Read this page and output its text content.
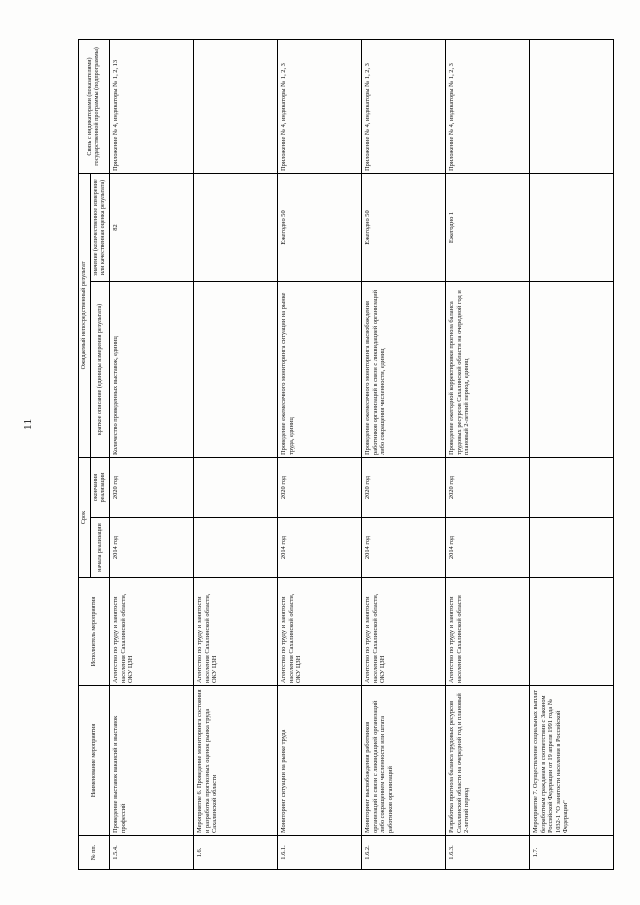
11
№ пп.	Наименование мероприятия	Исполнитель мероприятия	Срок		Ожидаемый непосредственный результат		Связь с индикаторами (показателями) государственной программы (подпрограммы)
			начала реализации	окончания реализации	краткое описание (единицы измерения результата)	значение (количественное измерение или качественная оценка результата)	
1.5.4.	Проведение выставок вакансий и выставок профессий	Агентство по труду и занятости населения Сахалинской области, ОКУ ЦЗН	2014 год	2020 год	Количество проведенных выставок, единиц	82	Приложение № 4, индикаторы № 1, 2, 13
1.6.	Мероприятие 6. Проведение мониторинга состояния и разработка прогнозных оценок рынка труда Сахалинской области	Агентство по труду и занятости населения Сахалинской области, ОКУ ЦЗН					
1.6.1.	Мониторинг ситуации на рынке труда	Агентство по труду и занятости населения Сахалинской области, ОКУ ЦЗН	2014 год	2020 год	Проведение ежемесячного мониторинга ситуации на рынке труда, единиц	Ежегодно 50	Приложение № 4, индикаторы № 1, 2, 3
1.6.2.	Мониторинг высвобождения работников организаций в связи с ликвидацией организаций либо сокращением численности или штата работников организаций	Агентство по труду и занятости населения Сахалинской области, ОКУ ЦЗН	2014 год	2020 год	Проведение ежемесячного мониторинга высвобождения работников организаций в связи с ликвидацией организаций либо сокращения численности, единиц	Ежегодно 50	Приложение № 4, индикаторы № 1, 2, 3
1.6.3.	Разработка прогноза баланса трудовых ресурсов Сахалинской области на очередной год и плановый 2-летний период	Агентство по труду и занятости населения Сахалинской области	2014 год	2020 год	Проведение ежегодной корректировки прогноза баланса трудовых ресурсов Сахалинской области на очередной год и плановый 2-летний период, единиц	Ежегодно 1	Приложение № 4, индикаторы № 1, 2, 3
1.7.	Мероприятие 7. Осуществление социальных выплат безработным гражданам в соответствии с Законом Российской Федерации от 19 апреля 1991 года № 1032-1 "О занятости населения в Российской Федерации"						
